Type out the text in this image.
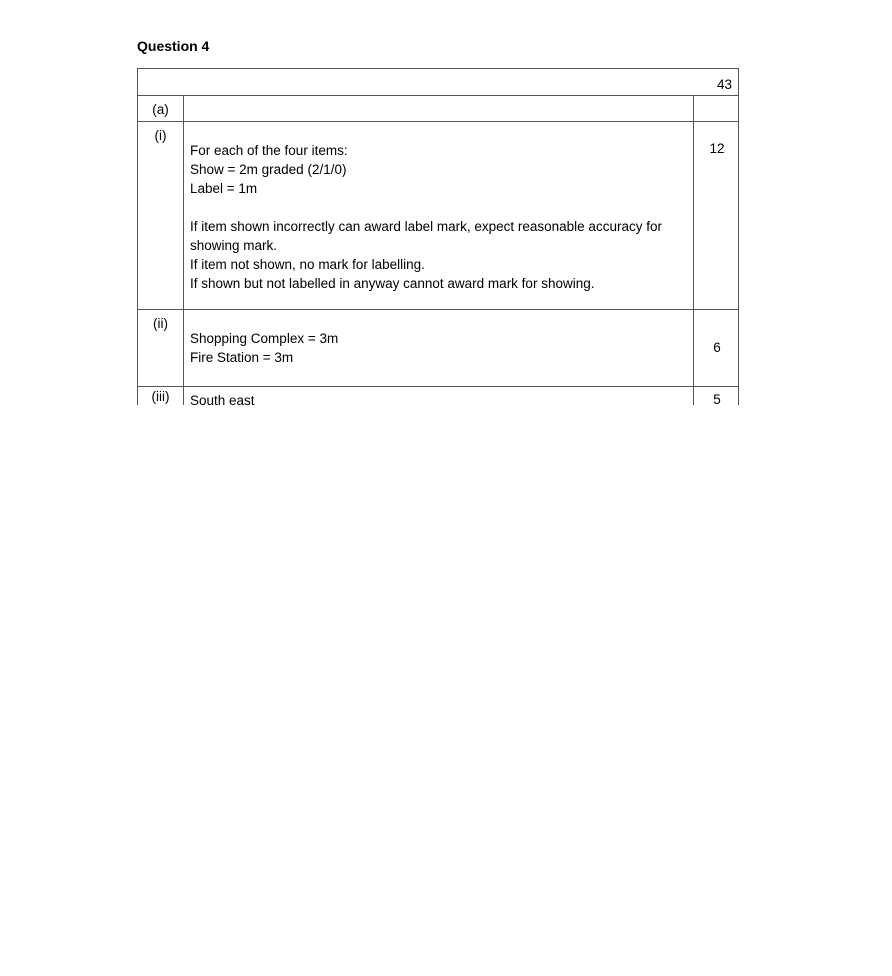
Question 4
43
(a)
(i)
For each of the four items:
Show = 2m graded (2/1/0)
Label = 1m
If item shown incorrectly can award label mark, expect reasonable accuracy for showing mark.
If item not shown, no mark for labelling.
If shown but not labelled in anyway cannot award mark for showing.
12
(ii)
Shopping Complex = 3m
Fire Station = 3m
6
(iii)	South east	5
